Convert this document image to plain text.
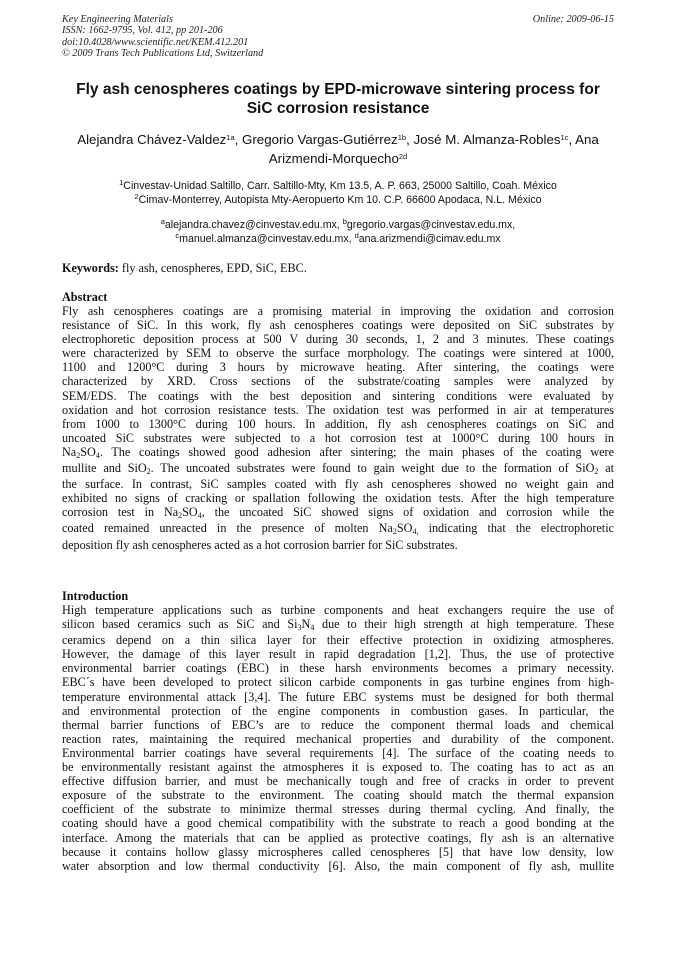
Key Engineering Materials
ISSN: 1662-9795, Vol. 412, pp 201-206
doi:10.4028/www.scientific.net/KEM.412.201
© 2009 Trans Tech Publications Ltd, Switzerland
Online: 2009-06-15
Fly ash cenospheres coatings by EPD-microwave sintering process for
SiC corrosion resistance
Alejandra Chávez-Valdez$^{1a}$, Gregorio Vargas-Gutiérrez$^{1b}$, José M. Almanza-Robles$^{1c}$, Ana
Arizmendi-Morquecho$^{2d}$
$^1$Cinvestav-Unidad Saltillo, Carr. Saltillo-Mty, Km 13.5, A. P. 663, 25000 Saltillo, Coah. México
$^2$Cimav-Monterrey, Autopista Mty-Aeropuerto Km 10. C.P. 66600 Apodaca, N.L. México
$^a$alejandra.chavez@cinvestav.edu.mx, $^b$gregorio.vargas@cinvestav.edu.mx,
$^c$manuel.almanza@cinvestav.edu.mx, $^d$ana.arizmendi@cimav.edu.mx
Keywords: fly ash, cenospheres, EPD, SiC, EBC.
Abstract
Fly ash cenospheres coatings are a promising material in improving the oxidation and corrosion
resistance of SiC. In this work, fly ash cenospheres coatings were deposited on SiC substrates by
electrophoretic deposition process at 500 V during 30 seconds, 1, 2 and 3 minutes. These coatings
were characterized by SEM to observe the surface morphology. The coatings were sintered at 1000,
1100 and 1200°C during 3 hours by microwave heating. After sintering, the coatings were
characterized by XRD. Cross sections of the substrate/coating samples were analyzed by
SEM/EDS. The coatings with the best deposition and sintering conditions were evaluated by
oxidation and hot corrosion resistance tests. The oxidation test was performed in air at temperatures
from 1000 to 1300°C during 100 hours. In addition, fly ash cenospheres coatings on SiC and
uncoated SiC substrates were subjected to a hot corrosion test at 1000°C during 100 hours in
$Na_2SO_4$. The coatings showed good adhesion after sintering; the main phases of the coating were
mullite and SiO$_2$. The uncoated substrates were found to gain weight due to the formation of SiO$_2$ at
the surface. In contrast, SiC samples coated with fly ash cenospheres showed no weight gain and
exhibited no signs of cracking or spallation following the oxidation tests. After the high temperature
corrosion test in $Na_2SO_4$, the uncoated SiC showed signs of oxidation and corrosion while the
coated remained unreacted in the presence of molten $Na_2SO_{4,}$ indicating that the electrophoretic
deposition fly ash cenospheres acted as a hot corrosion barrier for SiC substrates.
Introduction
High temperature applications such as turbine components and heat exchangers require the use of
silicon based ceramics such as SiC and $Si_3N_4$ due to their high strength at high temperature. These
ceramics depend on a thin silica layer for their effective protection in oxidizing atmospheres.
However, the damage of this layer result in rapid degradation [1,2]. Thus, the use of protective
environmental barrier coatings (EBC) in these harsh environments becomes a primary necessity.
EBC´s have been developed to protect silicon carbide components in gas turbine engines from high-
temperature environmental attack [3,4]. The future EBC systems must be designed for both thermal
and environmental protection of the engine components in combustion gases. In particular, the
thermal barrier functions of EBC’s are to reduce the component thermal loads and chemical
reaction rates, maintaining the required mechanical properties and durability of the component.
Environmental barrier coatings have several requirements [4]. The surface of the coating needs to
be environmentally resistant against the atmospheres it is exposed to. The coating has to act as an
effective diffusion barrier, and must be mechanically tough and free of cracks in order to prevent
exposure of the substrate to the environment. The coating should match the thermal expansion
coefficient of the substrate to minimize thermal stresses during thermal cycling. And finally, the
coating should have a good chemical compatibility with the substrate to reach a good bonding at the
interface. Among the materials that can be applied as protective coatings, fly ash is an alternative
because it contains hollow glassy microspheres called cenospheres [5] that have low density, low
water absorption and low thermal conductivity [6]. Also, the main component of fly ash, mullite
